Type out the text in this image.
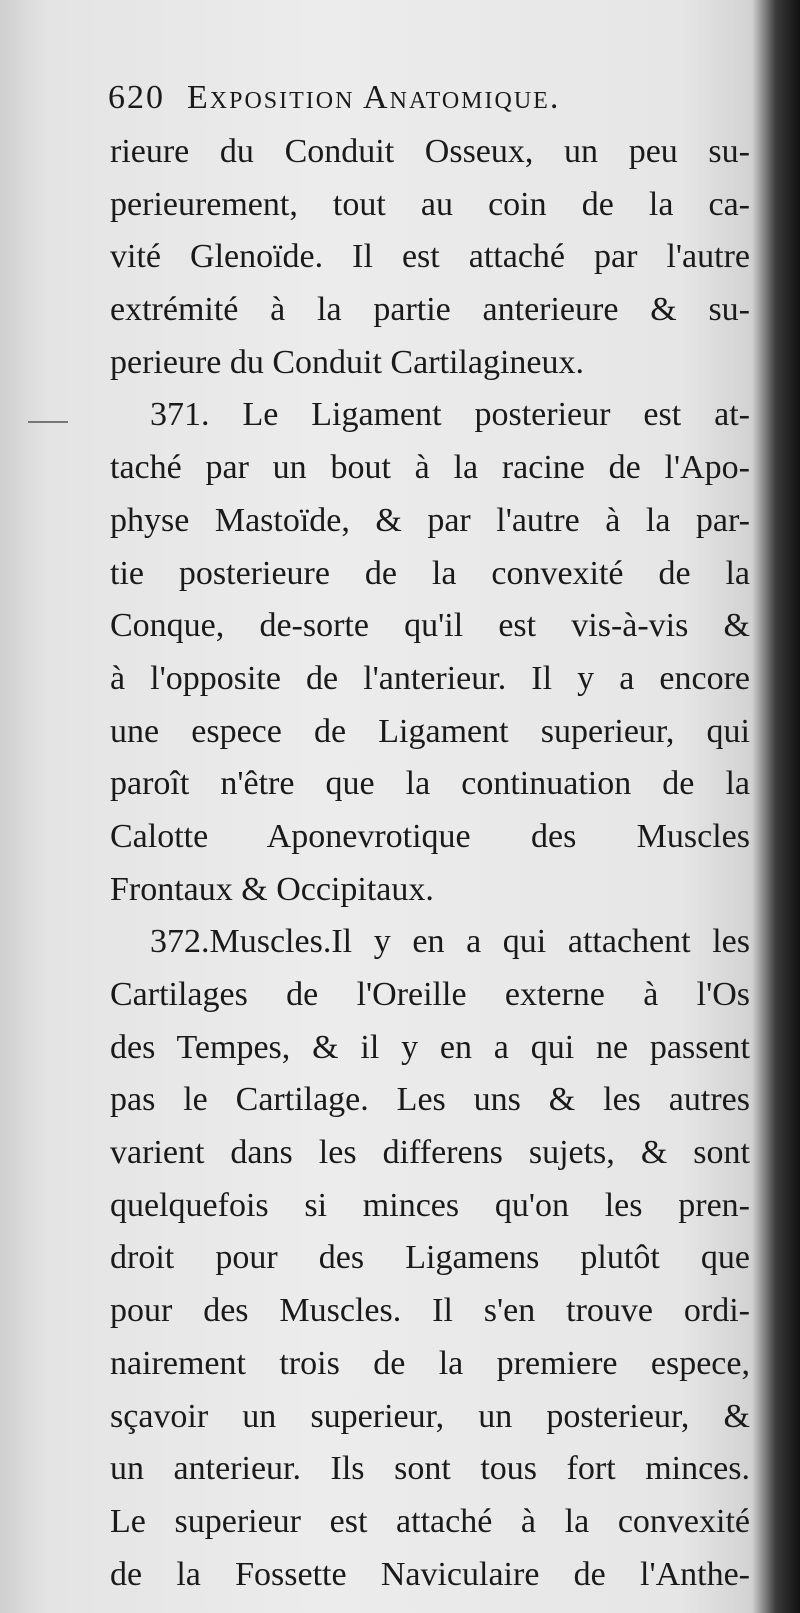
620 Exposition Anatomique.
rieure du Conduit Osseux, un peu su-
perieurement, tout au coin de la ca-
vité Glenoïde. Il est attaché par l'autre
extrémité à la partie anterieure & su-
perieure du Conduit Cartilagineux.
371. Le Ligament posterieur est at-
taché par un bout à la racine de l'Apo-
physe Mastoïde, & par l'autre à la par-
tie posterieure de la convexité de la
Conque, de-sorte qu'il est vis-à-vis &
à l'opposite de l'anterieur. Il y a encore
une espece de Ligament superieur, qui
paroît n'être que la continuation de la
Calotte Aponevrotique des Muscles
Frontaux & Occipitaux.
372.Muscles.Il y en a qui attachent les
Cartilages de l'Oreille externe à l'Os
des Tempes, & il y en a qui ne passent
pas le Cartilage. Les uns & les autres
varient dans les differens sujets, & sont
quelquefois si minces qu'on les pren-
droit pour des Ligamens plutôt que
pour des Muscles. Il s'en trouve ordi-
nairement trois de la premiere espece,
sçavoir un superieur, un posterieur, &
un anterieur. Ils sont tous fort minces.
Le superieur est attaché à la convexité
de la Fossette Naviculaire de l'Anthe-
